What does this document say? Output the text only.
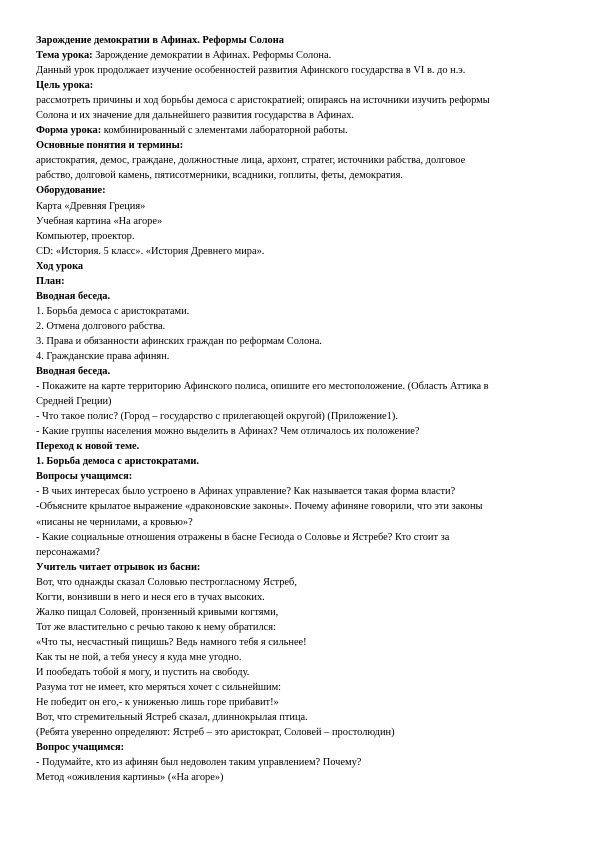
Зарождение демократии в Афинах. Реформы Солона
Тема урока: Зарождение демократии в Афинах. Реформы Солона.
Данный урок продолжает изучение особенностей развития Афинского государства в VI в. до н.э.
Цель урока:
рассмотреть причины и ход борьбы демоса с аристократией; опираясь на источники изучить реформы
Солона и их значение для дальнейшего развития государства в Афинах.
Форма урока: комбинированный с элементами лабораторной работы.
Основные понятия и термины:
аристократия, демос, граждане, должностные лица, архонт, стратег, источники рабства, долговое
рабство, долговой камень, пятисотмерники, всадники, гоплиты, феты, демократия.
Оборудование:
Карта «Древняя Греция»
Учебная картина «На агоре»
Компьютер, проектор.
CD: «История. 5 класс». «История Древнего мира».
Ход урока
План:
Вводная беседа.
1. Борьба демоса с аристократами.
2. Отмена долгового рабства.
3. Права и обязанности афинских граждан по реформам Солона.
4. Гражданские права афинян.
Вводная беседа.
- Покажите на карте территорию Афинского полиса, опишите его местоположение. (Область Аттика в
Средней Греции)
- Что такое полис? (Город – государство с прилегающей округой) (Приложение1).
- Какие группы населения можно выделить в Афинах? Чем отличалось их положение?
Переход к новой теме.
1. Борьба демоса с аристократами.
Вопросы учащимся:
- В чьих интересах было устроено в Афинах управление? Как называется такая форма власти?
-Объясните крылатое выражение «драконовские законы». Почему афиняне говорили, что эти законы
«писаны не чернилами, а кровью»?
- Какие социальные отношения отражены в басне Гесиода о Соловье и Ястребе? Кто стоит за
персонажами?
Учитель читает отрывок из басни:
Вот, что однажды сказал Соловью пестрогласному Ястреб,
Когти, вонзивши в него и неся его в тучах высоких.
Жалко пищал Соловей, пронзенный кривыми когтями,
Тот же властительно с речью такою к нему обратился:
«Что ты, несчастный пищишь? Ведь намного тебя я сильнее!
Как ты не пой, а тебя унесу я куда мне угодно.
И пообедать тобой я могу, и пустить на свободу.
Разума тот не имеет, кто меряться хочет с сильнейшим:
Не победит он его,- к униженью лишь горе прибавит!»
Вот, что стремительный Ястреб сказал, длиннокрылая птица.
(Ребята уверенно определяют: Ястреб – это аристократ, Соловей – простолюдин)
Вопрос учащимся:
- Подумайте, кто из афинян был недоволен таким управлением? Почему?
Метод «оживления картины» («На агоре»)
